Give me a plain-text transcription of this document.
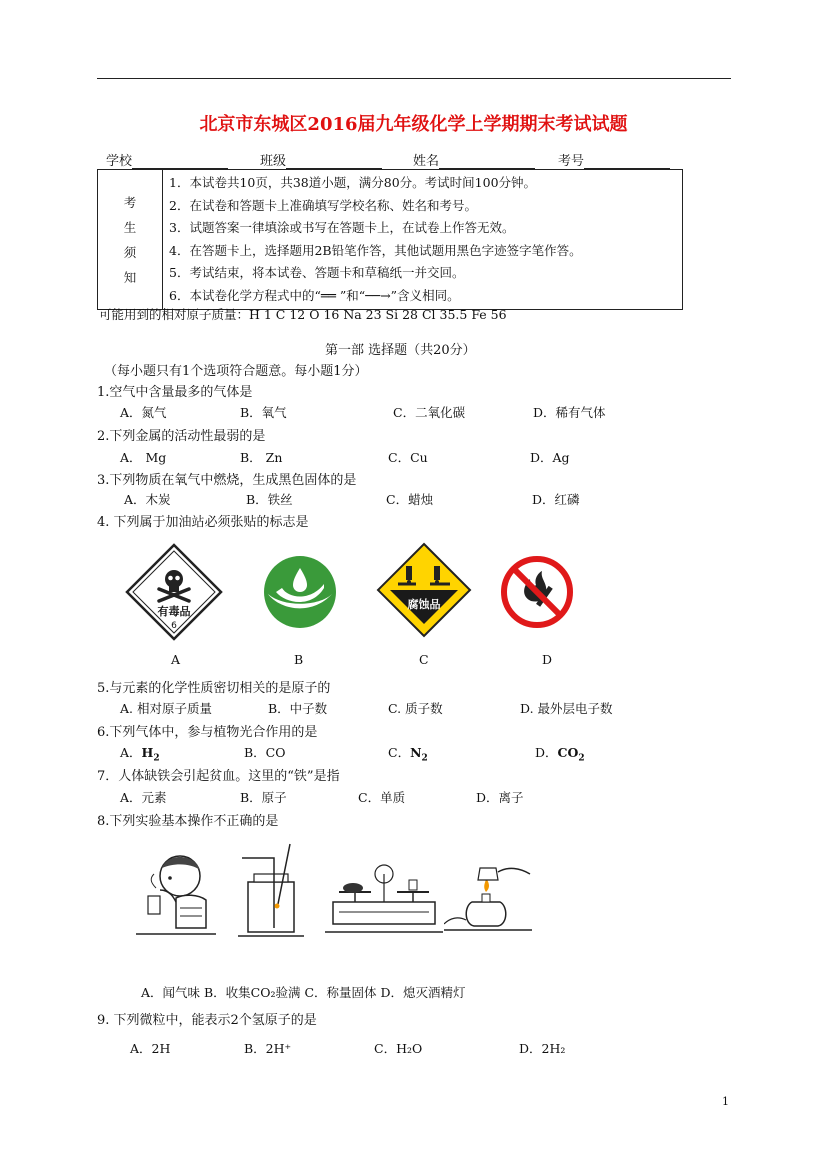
北京市东城区2016届九年级化学上学期期末考试试题
学校	班级	姓名	考号
考
生
须
知

1．本试卷共10页，共38道小题，满分80分。考试时间100分钟。
2．在试卷和答题卡上准确填写学校名称、姓名和考号。
3．试题答案一律填涂或书写在答题卡上，在试卷上作答无效。
4．在答题卡上，选择题用2B铅笔作答，其他试题用黑色字迹签字笔作答。
5．考试结束，将本试卷、答题卡和草稿纸一并交回。
6．本试卷化学方程式中的“══ ”和“──→”含义相同。
可能用到的相对原子质量：H 1 C 12 O 16 Na 23 Si 28 Cl 35.5 Fe 56
第一部 选择题（共20分）
（每小题只有1个选项符合题意。每小题1分）
1.空气中含量最多的气体是
A．氮气	B．氧气	C．二氧化碳	D．稀有气体
2.下列金属的活动性最弱的是
A． Mg	B． Zn	C．Cu	D．Ag
3.下列物质在氧气中燃烧，生成黑色固体的是
A．木炭	B．铁丝	C．蜡烛	D．红磷
4. 下列属于加油站必须张贴的标志是
有毒品
6
腐蚀品
A	B	C	D
5.与元素的化学性质密切相关的是原子的
A. 相对原子质量	B．中子数	C. 质子数	D. 最外层电子数
6.下列气体中，参与植物光合作用的是
A．$H_2$	B．CO	C．$N_2$	D．$CO_2$
7．人体缺铁会引起贫血。这里的“铁”是指
A．元素	B．原子	C．单质	D．离子
8.下列实验基本操作不正确的是
A．闻气味 B．收集CO₂验满 C．称量固体 D．熄灭酒精灯
9. 下列微粒中，能表示2个氢原子的是
A．2H	B．2H⁺	C．H₂O	D．2H₂
1
